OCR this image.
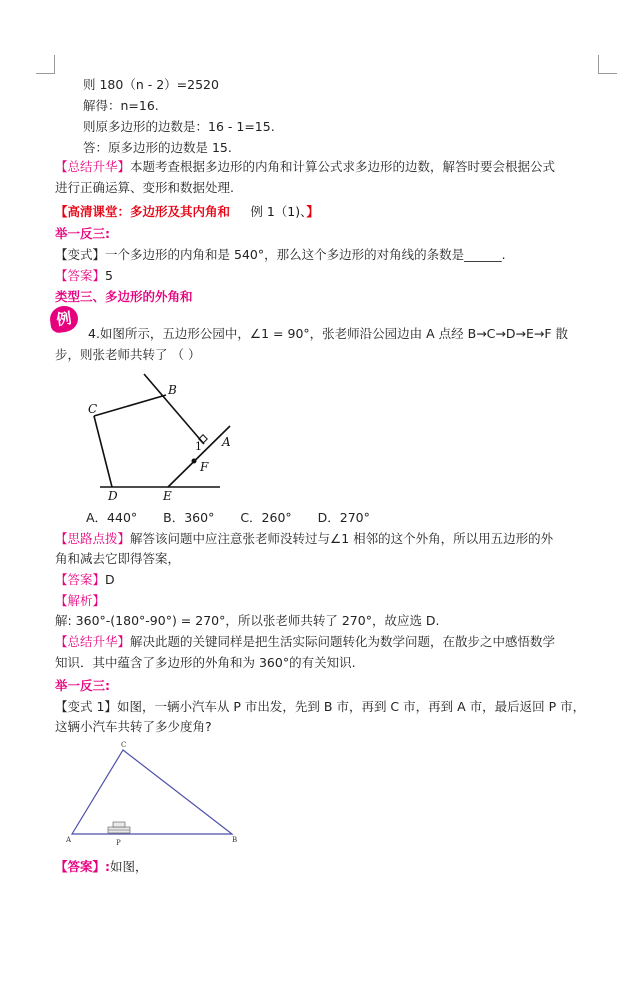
则 180（n - 2）=2520
解得：n=16.
则原多边形的边数是：16 - 1=15.
答：原多边形的边数是 15.
【总结升华】本题考查根据多边形的内角和计算公式求多边形的边数，解答时要会根据公式
进行正确运算、变形和数据处理.
【高清课堂：多边形及其内角和 例 1（1)、】
举一反三:
【变式】一个多边形的内角和是 540°，那么这个多边形的对角线的条数是______.
【答案】5
类型三、多边形的外角和
例
4.如图所示，五边形公园中，∠1 = 90°，张老师沿公园边由 A 点经 B→C→D→E→F 散
步，则张老师共转了 （ ）
B
C
1 A
F
D	E
A．440° B．360° C．260° D．270°
【思路点拨】解答该问题中应注意张老师没转过与∠1 相邻的这个外角，所以用五边形的外
角和减去它即得答案，
【答案】D
【解析】
解: 360°-(180°-90°) = 270°，所以张老师共转了 270°，故应选 D.
【总结升华】解决此题的关键同样是把生活实际问题转化为数学问题，在散步之中感悟数学
知识．其中蕴含了多边形的外角和为 360°的有关知识.
举一反三:
【变式 1】如图，一辆小汽车从 P 市出发，先到 B 市，再到 C 市，再到 A 市，最后返回 P 市，
这辆小汽车共转了多少度角?
C
A	P	B
【答案】:如图，
